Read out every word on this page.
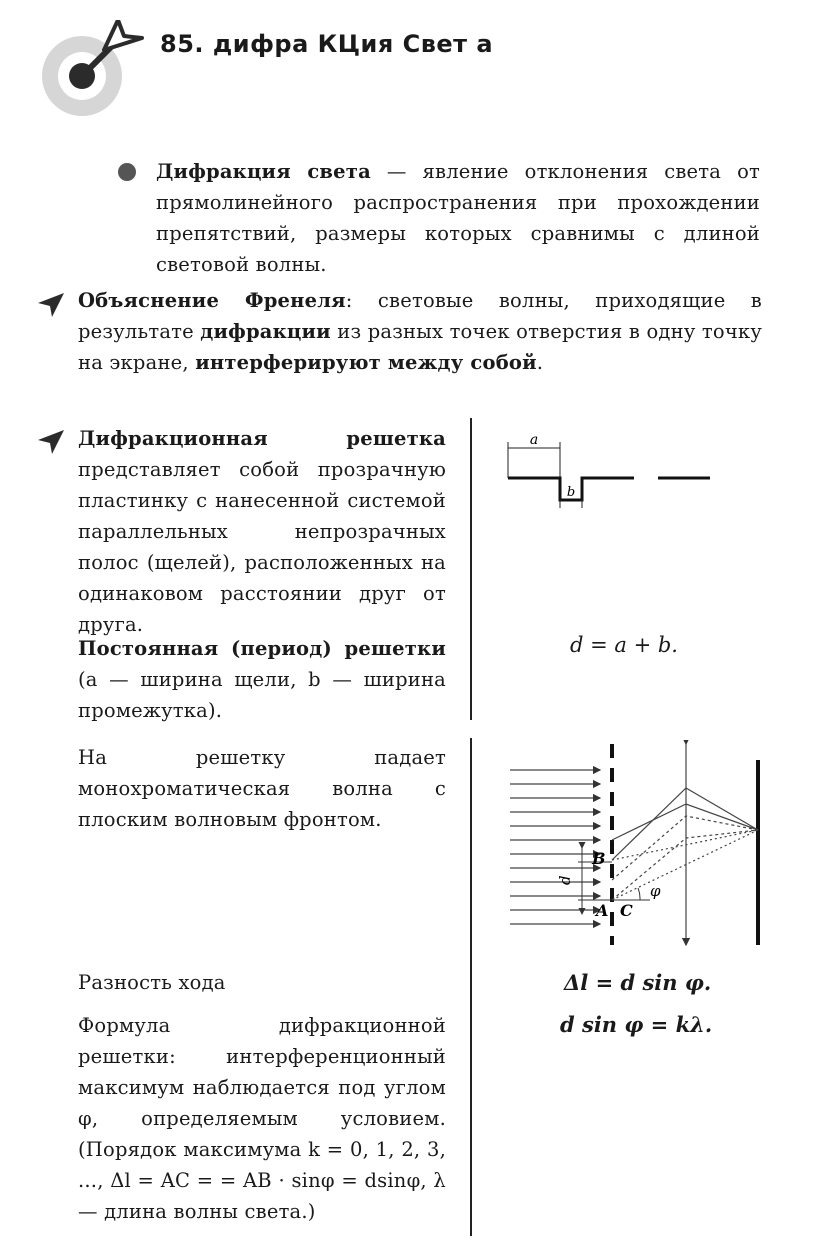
85. дифра КЦия Свет а
Дифракция света — явление отклонения света от прямолинейного распространения при прохождении препятствий, размеры которых сравнимы с длиной световой волны.
Объяснение Френеля: световые волны, приходящие в результате дифракции из разных точек отверстия в одну точку на экране, интерферируют между собой.
Дифракционная решетка представляет собой прозрачную пластинку с нанесенной системой параллельных непрозрачных полос (щелей), расположенных на одинаковом расстоянии друг от друга.
Постоянная (период) решетки (a — ширина щели, b — ширина промежутка).
a
b
d = a + b.
На решетку падает монохроматическая волна с плоским волновым фронтом.
d
B
A C
φ
Разность хода	Δl = d sin φ.
d sin φ = kλ.
Формула дифракционной решетки: интерференционный максимум наблюдается под углом φ, определяемым условием. (Порядок максимума k = 0, 1, 2, 3, ..., Δl = AC = = AB · sinφ = dsinφ, λ — длина волны света.)
